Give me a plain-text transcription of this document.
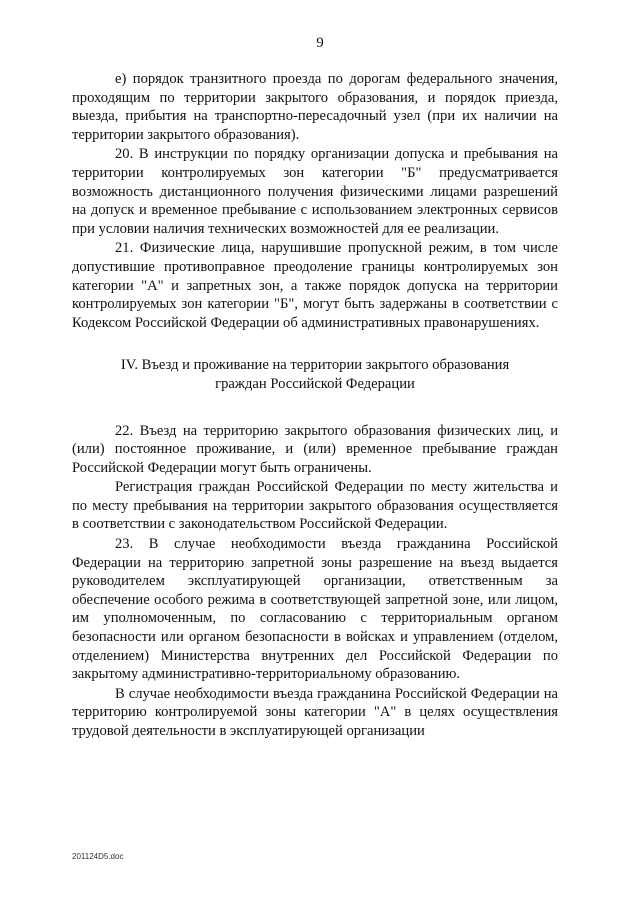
9

е) порядок транзитного проезда по дорогам федерального значения, проходящим по территории закрытого образования, и порядок приезда, выезда, прибытия на транспортно-пересадочный узел (при их наличии на территории закрытого образования).

20. В инструкции по порядку организации допуска и пребывания на территории контролируемых зон категории "Б" предусматривается возможность дистанционного получения физическими лицами разрешений на допуск и временное пребывание с использованием электронных сервисов при условии наличия технических возможностей для ее реализации.

21. Физические лица, нарушившие пропускной режим, в том числе допустившие противоправное преодоление границы контролируемых зон категории "А" и запретных зон, а также порядок допуска на территории контролируемых зон категории "Б", могут быть задержаны в соответствии с Кодексом Российской Федерации об административных правонарушениях.

IV. Въезд и проживание на территории закрытого образования
граждан Российской Федерации

22. Въезд на территорию закрытого образования физических лиц, и (или) постоянное проживание, и (или) временное пребывание граждан Российской Федерации могут быть ограничены.

Регистрация граждан Российской Федерации по месту жительства и по месту пребывания на территории закрытого образования осуществляется в соответствии с законодательством Российской Федерации.

23. В случае необходимости въезда гражданина Российской Федерации на территорию запретной зоны разрешение на въезд выдается руководителем эксплуатирующей организации, ответственным за обеспечение особого режима в соответствующей запретной зоне, или лицом, им уполномоченным, по согласованию с территориальным органом безопасности или органом безопасности в войсках и управлением (отделом, отделением) Министерства внутренних дел Российской Федерации по закрытому административно-территориальному образованию.

В случае необходимости въезда гражданина Российской Федерации на территорию контролируемой зоны категории "А" в целях осуществления трудовой деятельности в эксплуатирующей организации

201124D5.doc
